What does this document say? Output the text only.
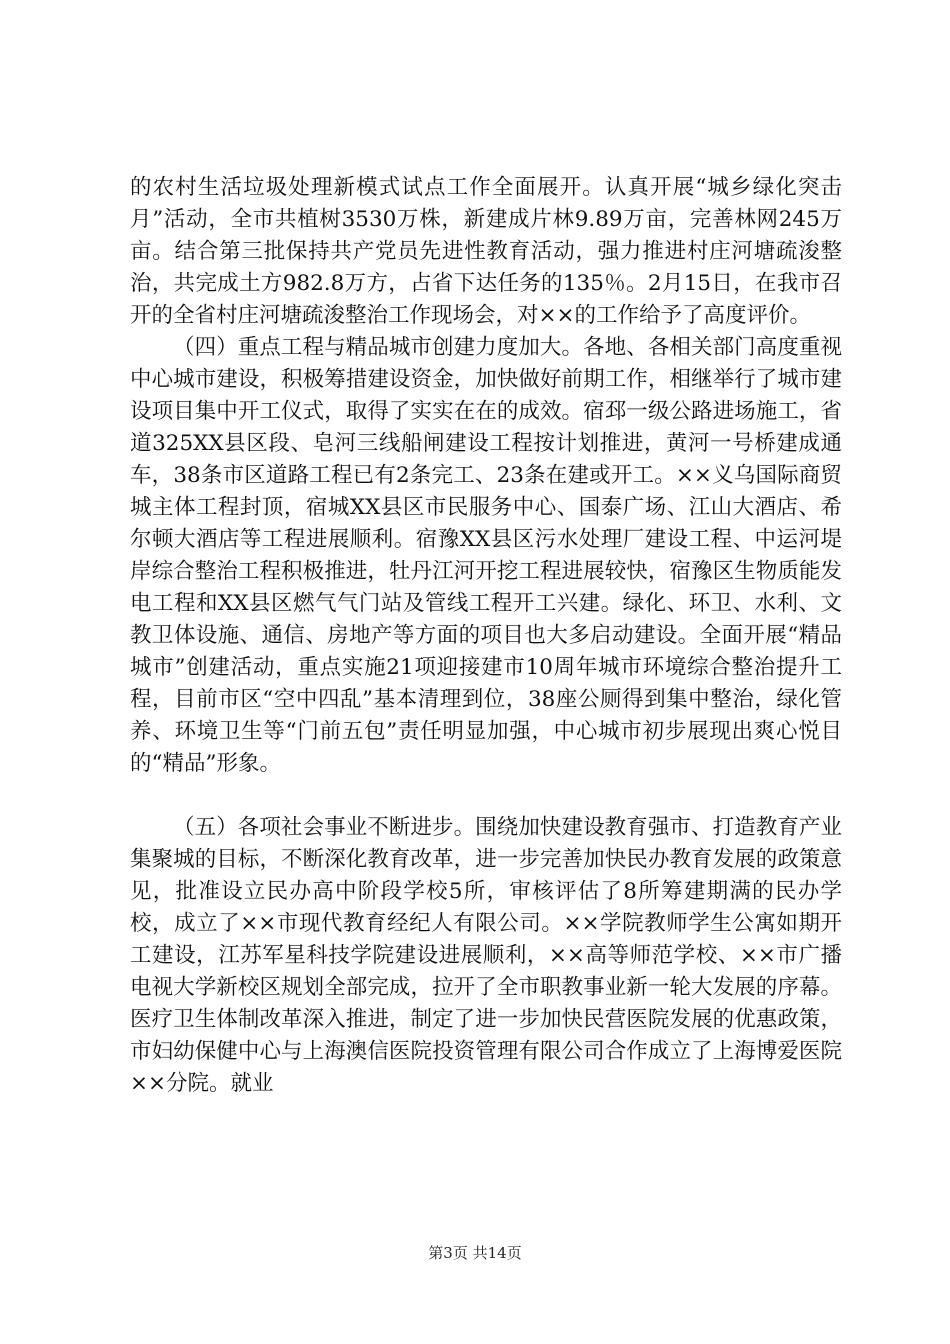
的农村生活垃圾处理新模式试点工作全面展开。认真开展“城乡绿化突击月”活动，全市共植树3530万株，新建成片林9.89万亩，完善林网245万亩。结合第三批保持共产党员先进性教育活动，强力推进村庄河塘疏浚整治，共完成土方982.8万方，占省下达任务的135％。2月15日，在我市召开的全省村庄河塘疏浚整治工作现场会，对××的工作给予了高度评价。

（四）重点工程与精品城市创建力度加大。各地、各相关部门高度重视中心城市建设，积极筹措建设资金，加快做好前期工作，相继举行了城市建设项目集中开工仪式，取得了实实在在的成效。宿邳一级公路进场施工，省道325XX县区段、皂河三线船闸建设工程按计划推进，黄河一号桥建成通车，38条市区道路工程已有2条完工、23条在建或开工。××义乌国际商贸城主体工程封顶，宿城XX县区市民服务中心、国泰广场、江山大酒店、希尔顿大酒店等工程进展顺利。宿豫XX县区污水处理厂建设工程、中运河堤岸综合整治工程积极推进，牡丹江河开挖工程进展较快，宿豫区生物质能发电工程和XX县区燃气气门站及管线工程开工兴建。绿化、环卫、水利、文教卫体设施、通信、房地产等方面的项目也大多启动建设。全面开展“精品城市”创建活动，重点实施21项迎接建市10周年城市环境综合整治提升工程，目前市区“空中四乱”基本清理到位，38座公厕得到集中整治，绿化管养、环境卫生等“门前五包”责任明显加强，中心城市初步展现出爽心悦目的“精品”形象。

（五）各项社会事业不断进步。围绕加快建设教育强市、打造教育产业集聚城的目标，不断深化教育改革，进一步完善加快民办教育发展的政策意见，批准设立民办高中阶段学校5所，审核评估了8所筹建期满的民办学校，成立了××市现代教育经纪人有限公司。××学院教师学生公寓如期开工建设，江苏军星科技学院建设进展顺利，××高等师范学校、××市广播电视大学新校区规划全部完成，拉开了全市职教事业新一轮大发展的序幕。医疗卫生体制改革深入推进，制定了进一步加快民营医院发展的优惠政策，市妇幼保健中心与上海澳信医院投资管理有限公司合作成立了上海博爱医院××分院。就业

第3页 共14页
